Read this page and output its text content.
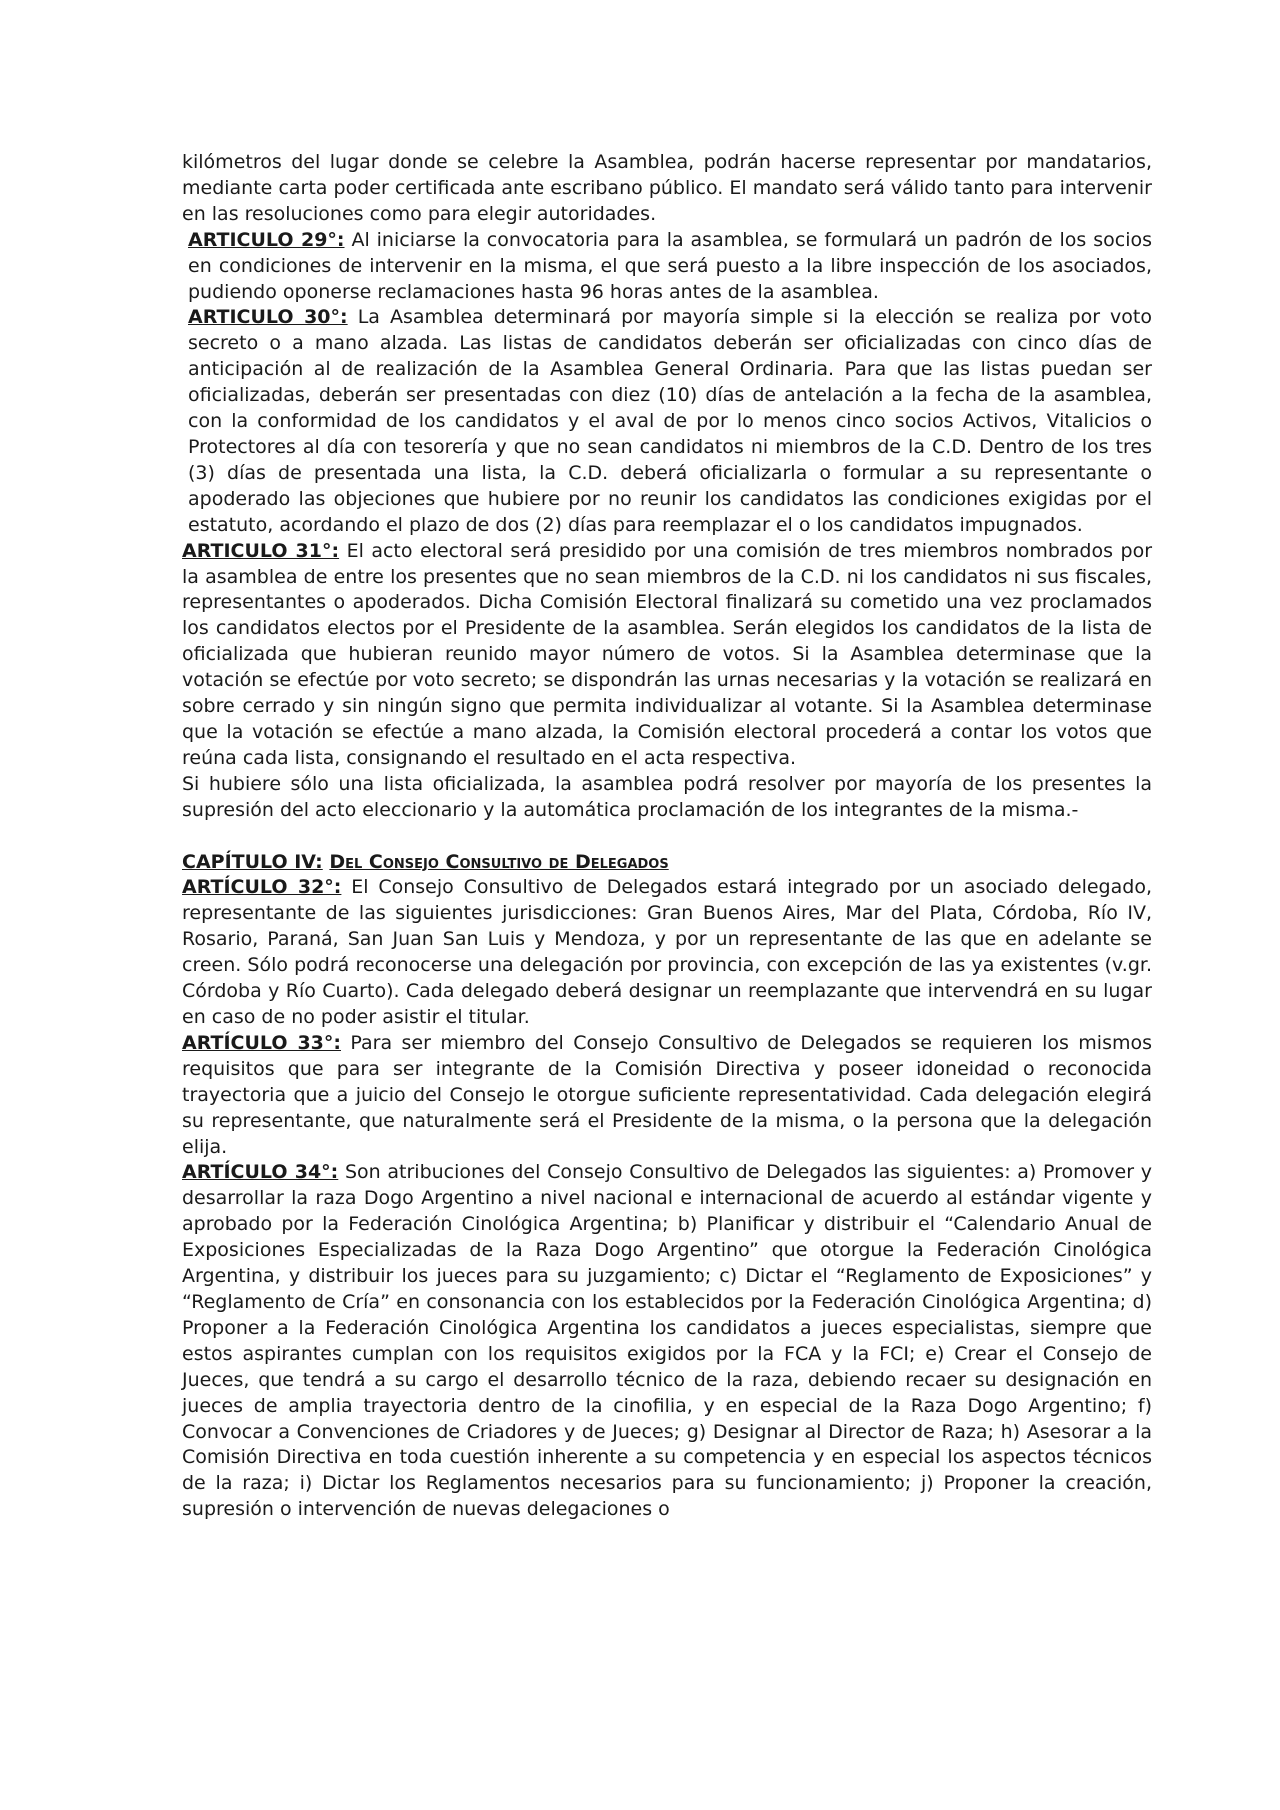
kilómetros del lugar donde se celebre la Asamblea, podrán hacerse representar por mandatarios, mediante carta poder certificada ante escribano público. El mandato será válido tanto para intervenir en las resoluciones como para elegir autoridades.

ARTICULO 29°: Al iniciarse la convocatoria para la asamblea, se formulará un padrón de los socios en condiciones de intervenir en la misma, el que será puesto a la libre inspección de los asociados, pudiendo oponerse reclamaciones hasta 96 horas antes de la asamblea.

ARTICULO 30°: La Asamblea determinará por mayoría simple si la elección se realiza por voto secreto o a mano alzada. Las listas de candidatos deberán ser oficializadas con cinco días de anticipación al de realización de la Asamblea General Ordinaria. Para que las listas puedan ser oficializadas, deberán ser presentadas con diez (10) días de antelación a la fecha de la asamblea, con la conformidad de los candidatos y el aval de por lo menos cinco socios Activos, Vitalicios o Protectores al día con tesorería y que no sean candidatos ni miembros de la C.D. Dentro de los tres (3) días de presentada una lista, la C.D. deberá oficializarla o formular a su representante o apoderado las objeciones que hubiere por no reunir los candidatos las condiciones exigidas por el estatuto, acordando el plazo de dos (2) días para reemplazar el o los candidatos impugnados.

ARTICULO 31°: El acto electoral será presidido por una comisión de tres miembros nombrados por la asamblea de entre los presentes que no sean miembros de la C.D. ni los candidatos ni sus fiscales, representantes o apoderados. Dicha Comisión Electoral finalizará su cometido una vez proclamados los candidatos electos por el Presidente de la asamblea. Serán elegidos los candidatos de la lista de oficializada que hubieran reunido mayor número de votos. Si la Asamblea determinase que la votación se efectúe por voto secreto; se dispondrán las urnas necesarias y la votación se realizará en sobre cerrado y sin ningún signo que permita individualizar al votante. Si la Asamblea determinase que la votación se efectúe a mano alzada, la Comisión electoral procederá a contar los votos que reúna cada lista, consignando el resultado en el acta respectiva.

Si hubiere sólo una lista oficializada, la asamblea podrá resolver por mayoría de los presentes la supresión del acto eleccionario y la automática proclamación de los integrantes de la misma.-

CAPÍTULO IV: Del Consejo Consultivo de Delegados

ARTÍCULO 32°: El Consejo Consultivo de Delegados estará integrado por un asociado delegado, representante de las siguientes jurisdicciones: Gran Buenos Aires, Mar del Plata, Córdoba, Río IV, Rosario, Paraná, San Juan San Luis y Mendoza, y por un representante de las que en adelante se creen. Sólo podrá reconocerse una delegación por provincia, con excepción de las ya existentes (v.gr. Córdoba y Río Cuarto). Cada delegado deberá designar un reemplazante que intervendrá en su lugar en caso de no poder asistir el titular.

ARTÍCULO 33°: Para ser miembro del Consejo Consultivo de Delegados se requieren los mismos requisitos que para ser integrante de la Comisión Directiva y poseer idoneidad o reconocida trayectoria que a juicio del Consejo le otorgue suficiente representatividad. Cada delegación elegirá su representante, que naturalmente será el Presidente de la misma, o la persona que la delegación elija.

ARTÍCULO 34°: Son atribuciones del Consejo Consultivo de Delegados las siguientes: a) Promover y desarrollar la raza Dogo Argentino a nivel nacional e internacional de acuerdo al estándar vigente y aprobado por la Federación Cinológica Argentina; b) Planificar y distribuir el “Calendario Anual de Exposiciones Especializadas de la Raza Dogo Argentino” que otorgue la Federación Cinológica Argentina, y distribuir los jueces para su juzgamiento; c) Dictar el “Reglamento de Exposiciones” y “Reglamento de Cría” en consonancia con los establecidos por la Federación Cinológica Argentina; d) Proponer a la Federación Cinológica Argentina los candidatos a jueces especialistas, siempre que estos aspirantes cumplan con los requisitos exigidos por la FCA y la FCI; e) Crear el Consejo de Jueces, que tendrá a su cargo el desarrollo técnico de la raza, debiendo recaer su designación en jueces de amplia trayectoria dentro de la cinofilia, y en especial de la Raza Dogo Argentino; f) Convocar a Convenciones de Criadores y de Jueces; g) Designar al Director de Raza; h) Asesorar a la Comisión Directiva en toda cuestión inherente a su competencia y en especial los aspectos técnicos de la raza; i) Dictar los Reglamentos necesarios para su funcionamiento; j) Proponer la creación, supresión o intervención de nuevas delegaciones o
